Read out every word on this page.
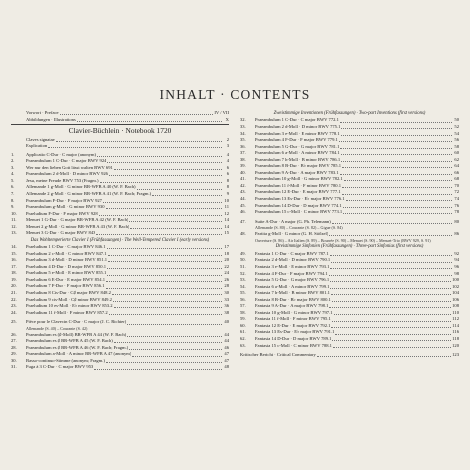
INHALT · CONTENTS
Vorwort · Preface	IV / VII
Abbildungen · Illustrations	X
Clavier-Büchlein · Notebook 1720
Claves signatae	2
Explication	3
1.	Applicatio C-Dur · C major (anonym)	4
2.	Praeambulum 1 C-Dur · C major BWV 924	4
3.	Wer nur den lieben Gott lässt walten BWV 691	6
4.	Praeambulum 2 d-Moll · D minor BWV 926	6
5.	Jesu, meine Freude BWV 753 (Fragm.)	8
6.	Allemande 1 g-Moll · G minor BR-WFB A 40 (W. F. Bach)	8
7.	Allemande 2 g-Moll · G minor BR-WFB A 41 (W. F. Bach; Fragm.)	9
8.	Praeambulum F-Dur · F major BWV 927	10
9.	Praeambulum g-Moll · G minor BWV 930	11
10.	Praeludium F-Dur · F major BWV 928	12
11.	Menuet 1 G-Dur · G major BR-WFB A 42 (W. F. Bach)	14
12.	Menuet 2 g-Moll · G minor BR-WFB A 43 (W. F. Bach)	14
13.	Menuet 3 G-Dur · G major BWV 843	15
Das Wohltemperierte Clavier I (Frühfassungen) · The Well-Tempered Clavier I (early versions)
14.	Praeludium 1 C-Dur · C major BWV 846.1	17
15.	Praeludium 2 c-Moll · C minor BWV 847.1	18
16.	Praeludium 3 d-Moll · D minor BWV 851.1	20
17.	Praeludium 4 D-Dur · D major BWV 850.1	22
18.	Praeludium 5 e-Moll · E minor BWV 855.1	24
19.	Praeludium 6 E-Dur · E major BWV 854.1	26
20.	Praeludium 7 F-Dur · F major BWV 856.1	28
21.	Praeludium 8 Cis-Dur · C♯ major BWV 848.2	30
22.	Praeludium 9 cis-Moll · C♯ minor BWV 849.2	33
23.	Praeludium 10 es-Moll · E♭ minor BWV 853.2	36
24.	Praeludium 11 f-Moll · F minor BWV 857.2	38
25.	Pièce pour le Clavecin C-Dur · C major (J. C. Richter)	40
Allemande (S. 40) – Courante (S. 42)
26.	Praeambulum es (♯-Moll) BR-WFB A 44 (W. F. Bach)	44
27.	Praeambulum es ♯ BR-WFB A 45 (W. F. Bach)	44
28.	Praeambulum es ♯ BR-WFB A 46 (W. F. Bach; Fragm.)	46
29.	Praeambulum a-Moll · A minor BR-WFB A 47 (anonym)	47
30.	Basso-continuo-Stimme (anonym; Fragm.)	47
31.	Fuga à 3 C-Dur · C major BWV 953	48
Zweistimmige Inventionen (Frühfassungen) · Two-part Inventions (first versions)
32.	Praeambulum 1 C-Dur · C major BWV 772.1	50
33.	Praeambulum 2 d-Moll · D minor BWV 775.1	52
34.	Praeambulum 3 e-Moll · E minor BWV 778.1	54
35.	Praeambulum 4 F-Dur · F major BWV 779.1	56
36.	Praeambulum 5 G-Dur · G major BWV 781.1	58
37.	Praeambulum 6 a-Moll · A minor BWV 784.1	60
38.	Praeambulum 7 h-Moll · B minor BWV 786.1	62
39.	Praeambulum 8 B-Dur · B♭ major BWV 785.1	64
40.	Praeambulum 9 A-Dur · A major BWV 783.1	66
41.	Praeambulum 10 g-Moll · G minor BWV 782.1	68
42.	Praeambulum 11 f-Moll · F minor BWV 780.1	70
43.	Praeambulum 12 E-Dur · E major BWV 777.1	72
44.	Praeambulum 13 Es-Dur · E♭ major BWV 776.1	74
45.	Praeambulum 14 D-Dur · D major BWV 774.1	76
46.	Praeambulum 15 c-Moll · C minor BWV 773.1	78
47.	Suite A-Dur · A major (G. Ph. Telemann)	80
Allemande (S. 80) – Courante (S. 82) – Gigue (S. 84)
48.	Partita g-Moll · G minor (G. H. Stölzel)	86
Ouverture (S. 86) – Air Italien (S. 89) – Bourrée (S. 90) – Menuet (S. 90) – Menuet-Trio (BWV 929, S. 91)
Dreistimmige Sinfonien (Frühfassungen) · Three-part Sinfonias (first versions)
49.	Fantasia 1 C-Dur · C major BWV 787.1	92
50.	Fantasia 2 d-Moll · D minor BWV 790.1	94
51.	Fantasia 3 e-Moll · E minor BWV 793.1	96
52.	Fantasia 4 F-Dur · F major BWV 794.1	98
53.	Fantasia 5 G-Dur · G major BWV 796.1	100
54.	Fantasia 6 a-Moll · A minor BWV 799.1	102
55.	Fantasia 7 h-Moll · B minor BWV 801.1	104
56.	Fantasia 8 B-Dur · B♭ major BWV 800.1	106
57.	Fantasia 9 A-Dur · A major BWV 798.1	108
58.	Fantasia 10 g-Moll · G minor BWV 797.1	110
59.	Fantasia 11 f-Moll · F minor BWV 795.1	112
60.	Fantasia 12 E-Dur · E major BWV 792.1	114
61.	Fantasia 13 Es-Dur · E♭ major BWV 791.1	116
62.	Fantasia 14 D-Dur · D major BWV 789.1	118
63.	Fantasia 15 c-Moll · C minor BWV 788.1	120
Kritischer Bericht · Critical Commentary	123
